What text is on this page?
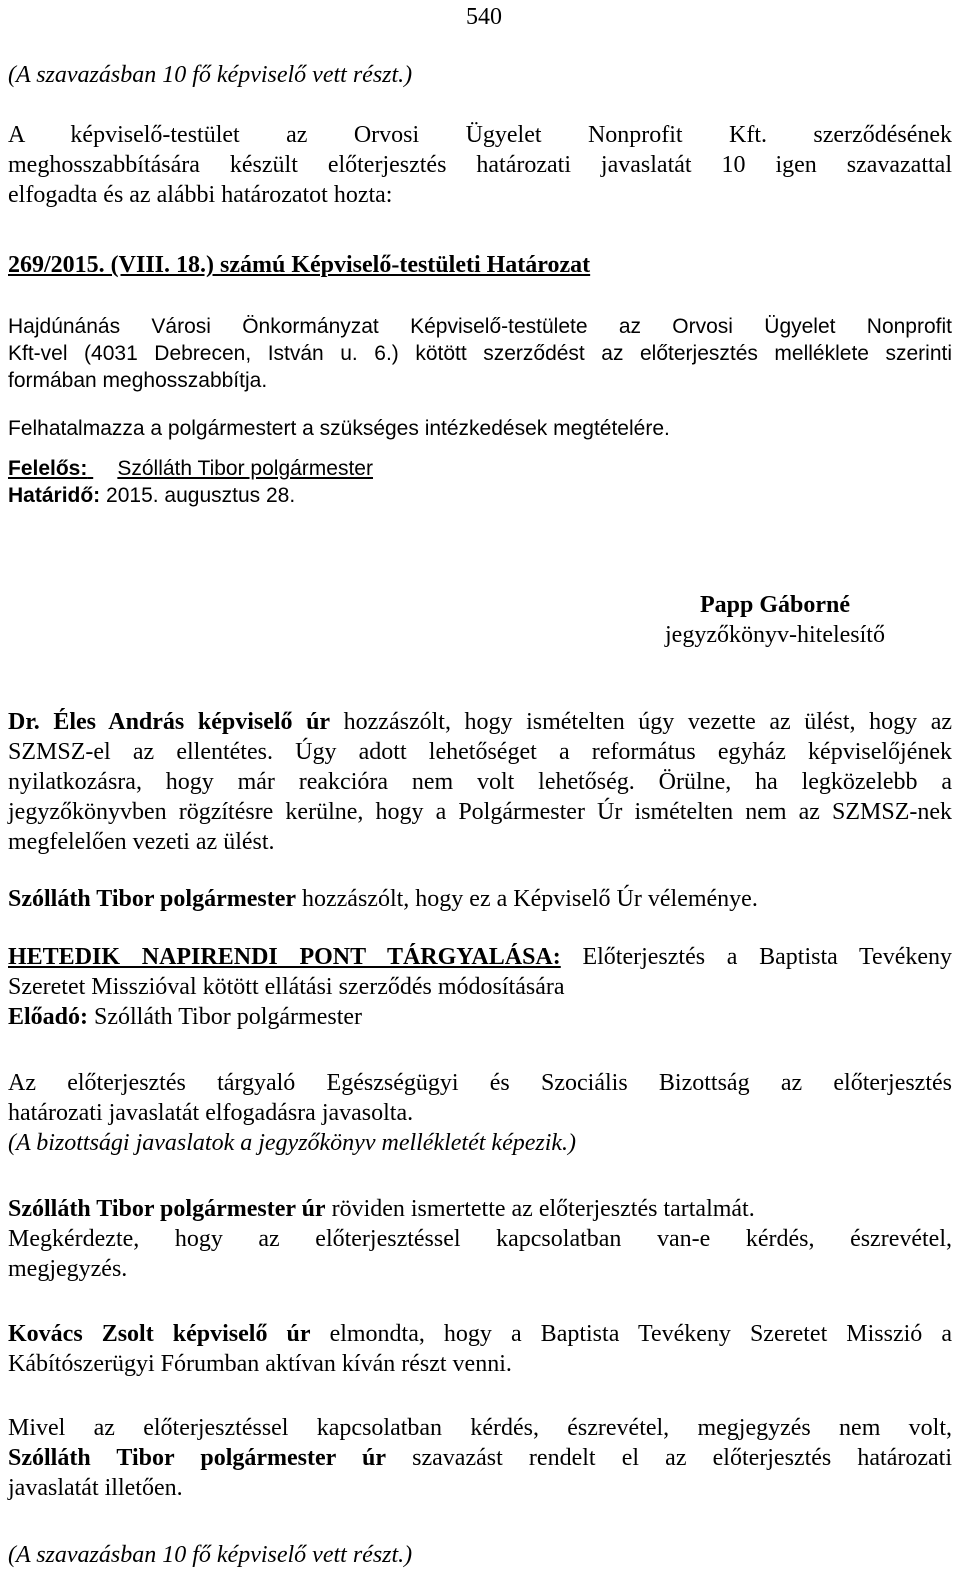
540
(A szavazásban 10 fő képviselő vett részt.)
A képviselő-testület az Orvosi Ügyelet Nonprofit Kft. szerződésének
meghosszabbítására készült előterjesztés határozati javaslatát 10 igen szavazattal
elfogadta és az alábbi határozatot hozta:
269/2015. (VIII. 18.) számú Képviselő-testületi Határozat
Hajdúnánás Városi Önkormányzat Képviselő-testülete az Orvosi Ügyelet Nonprofit
Kft-vel (4031 Debrecen, István u. 6.) kötött szerződést az előterjesztés melléklete szerinti
formában meghosszabbítja.
Felhatalmazza a polgármestert a szükséges intézkedések megtételére.
Felelős: Szólláth Tibor polgármester
Határidő: 2015. augusztus 28.
Papp Gáborné
jegyzőkönyv-hitelesítő
Dr. Éles András képviselő úr hozzászólt, hogy ismételten úgy vezette az ülést, hogy az
SZMSZ-el az ellentétes. Úgy adott lehetőséget a református egyház képviselőjének
nyilatkozásra, hogy már reakcióra nem volt lehetőség. Örülne, ha legközelebb a
jegyzőkönyvben rögzítésre kerülne, hogy a Polgármester Úr ismételten nem az SZMSZ-nek
megfelelően vezeti az ülést.
Szólláth Tibor polgármester hozzászólt, hogy ez a Képviselő Úr véleménye.
HETEDIK NAPIRENDI PONT TÁRGYALÁSA: Előterjesztés a Baptista Tevékeny
Szeretet Misszióval kötött ellátási szerződés módosítására
Előadó: Szólláth Tibor polgármester
Az előterjesztés tárgyaló Egészségügyi és Szociális Bizottság az előterjesztés
határozati javaslatát elfogadásra javasolta.
(A bizottsági javaslatok a jegyzőkönyv mellékletét képezik.)
Szólláth Tibor polgármester úr röviden ismertette az előterjesztés tartalmát.
Megkérdezte, hogy az előterjesztéssel kapcsolatban van-e kérdés, észrevétel,
megjegyzés.
Kovács Zsolt képviselő úr elmondta, hogy a Baptista Tevékeny Szeretet Misszió a
Kábítószerügyi Fórumban aktívan kíván részt venni.
Mivel az előterjesztéssel kapcsolatban kérdés, észrevétel, megjegyzés nem volt,
Szólláth Tibor polgármester úr szavazást rendelt el az előterjesztés határozati
javaslatát illetően.
(A szavazásban 10 fő képviselő vett részt.)
